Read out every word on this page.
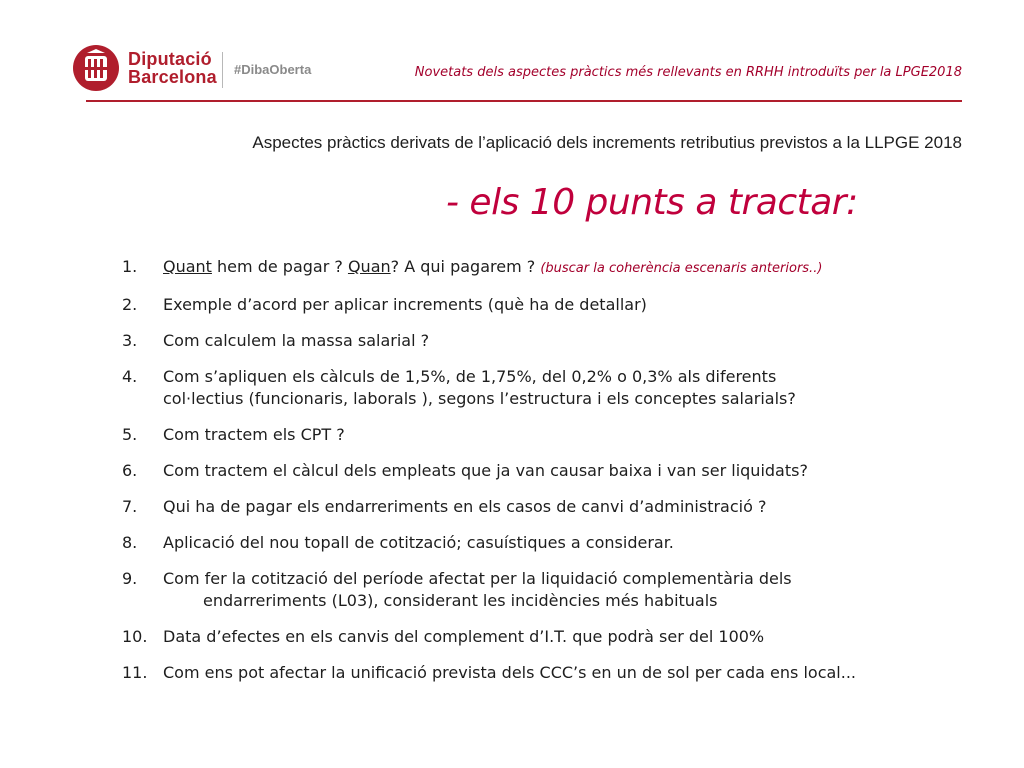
Diputació
Barcelona #DibaOberta	Novetats dels aspectes pràctics més rellevants en RRHH introduïts per la LPGE2018
Aspectes pràctics derivats de l’aplicació dels increments retributius previstos a la LLPGE 2018
- els 10 punts a tractar:
1.	Quant hem de pagar ? Quan? A qui pagarem ? (buscar la coherència escenaris anteriors..)
2.	Exemple d’acord per aplicar increments (què ha de detallar)
3.	Com calculem la massa salarial ?
4.	Com s’apliquen els càlculs de 1,5%, de 1,75%, del 0,2% o 0,3% als diferents
col·lectius (funcionaris, laborals ), segons l’estructura i els conceptes salarials?
5.	Com tractem els CPT ?
6.	Com tractem el càlcul dels empleats que ja van causar baixa i van ser liquidats?
7.	Qui ha de pagar els endarreriments en els casos de canvi d’administració ?
8.	Aplicació del nou topall de cotització; casuístiques a considerar.
9.	Com fer la cotització del període afectat per la liquidació complementària dels
endarreriments (L03), considerant les incidències més habituals
10. Data d’efectes en els canvis del complement d’I.T. que podrà ser del 100%
11. Com ens pot afectar la unificació prevista dels CCC’s en un de sol per cada ens local...
